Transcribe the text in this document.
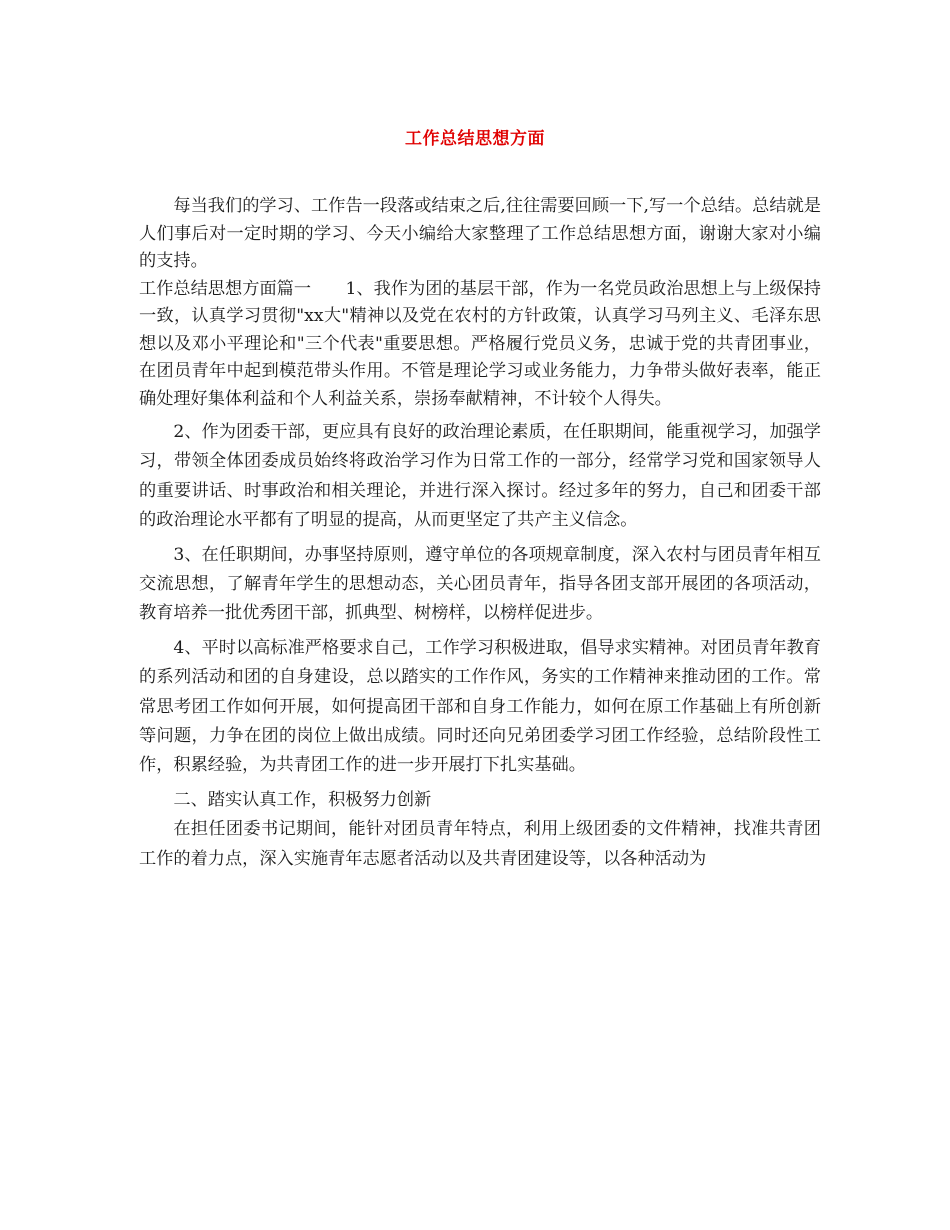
工作总结思想方面

每当我们的学习、工作告一段落或结束之后,往往需要回顾一下,写一个总结。总结就是人们事后对一定时期的学习、今天小编给大家整理了工作总结思想方面，谢谢大家对小编的支持。

工作总结思想方面篇一　　1、我作为团的基层干部，作为一名党员政治思想上与上级保持一致，认真学习贯彻"xx大"精神以及党在农村的方针政策，认真学习马列主义、毛泽东思想以及邓小平理论和"三个代表"重要思想。严格履行党员义务，忠诚于党的共青团事业，在团员青年中起到模范带头作用。不管是理论学习或业务能力，力争带头做好表率，能正确处理好集体利益和个人利益关系，崇扬奉献精神，不计较个人得失。

2、作为团委干部，更应具有良好的政治理论素质，在任职期间，能重视学习，加强学习，带领全体团委成员始终将政治学习作为日常工作的一部分，经常学习党和国家领导人的重要讲话、时事政治和相关理论，并进行深入探讨。经过多年的努力，自己和团委干部的政治理论水平都有了明显的提高，从而更坚定了共产主义信念。

3、在任职期间，办事坚持原则，遵守单位的各项规章制度，深入农村与团员青年相互交流思想，了解青年学生的思想动态，关心团员青年，指导各团支部开展团的各项活动，教育培养一批优秀团干部，抓典型、树榜样，以榜样促进步。

4、平时以高标准严格要求自己，工作学习积极进取，倡导求实精神。对团员青年教育的系列活动和团的自身建设，总以踏实的工作作风，务实的工作精神来推动团的工作。常常思考团工作如何开展，如何提高团干部和自身工作能力，如何在原工作基础上有所创新等问题，力争在团的岗位上做出成绩。同时还向兄弟团委学习团工作经验，总结阶段性工作，积累经验，为共青团工作的进一步开展打下扎实基础。

二、踏实认真工作，积极努力创新

在担任团委书记期间，能针对团员青年特点，利用上级团委的文件精神，找准共青团工作的着力点，深入实施青年志愿者活动以及共青团建设等，以各种活动为
